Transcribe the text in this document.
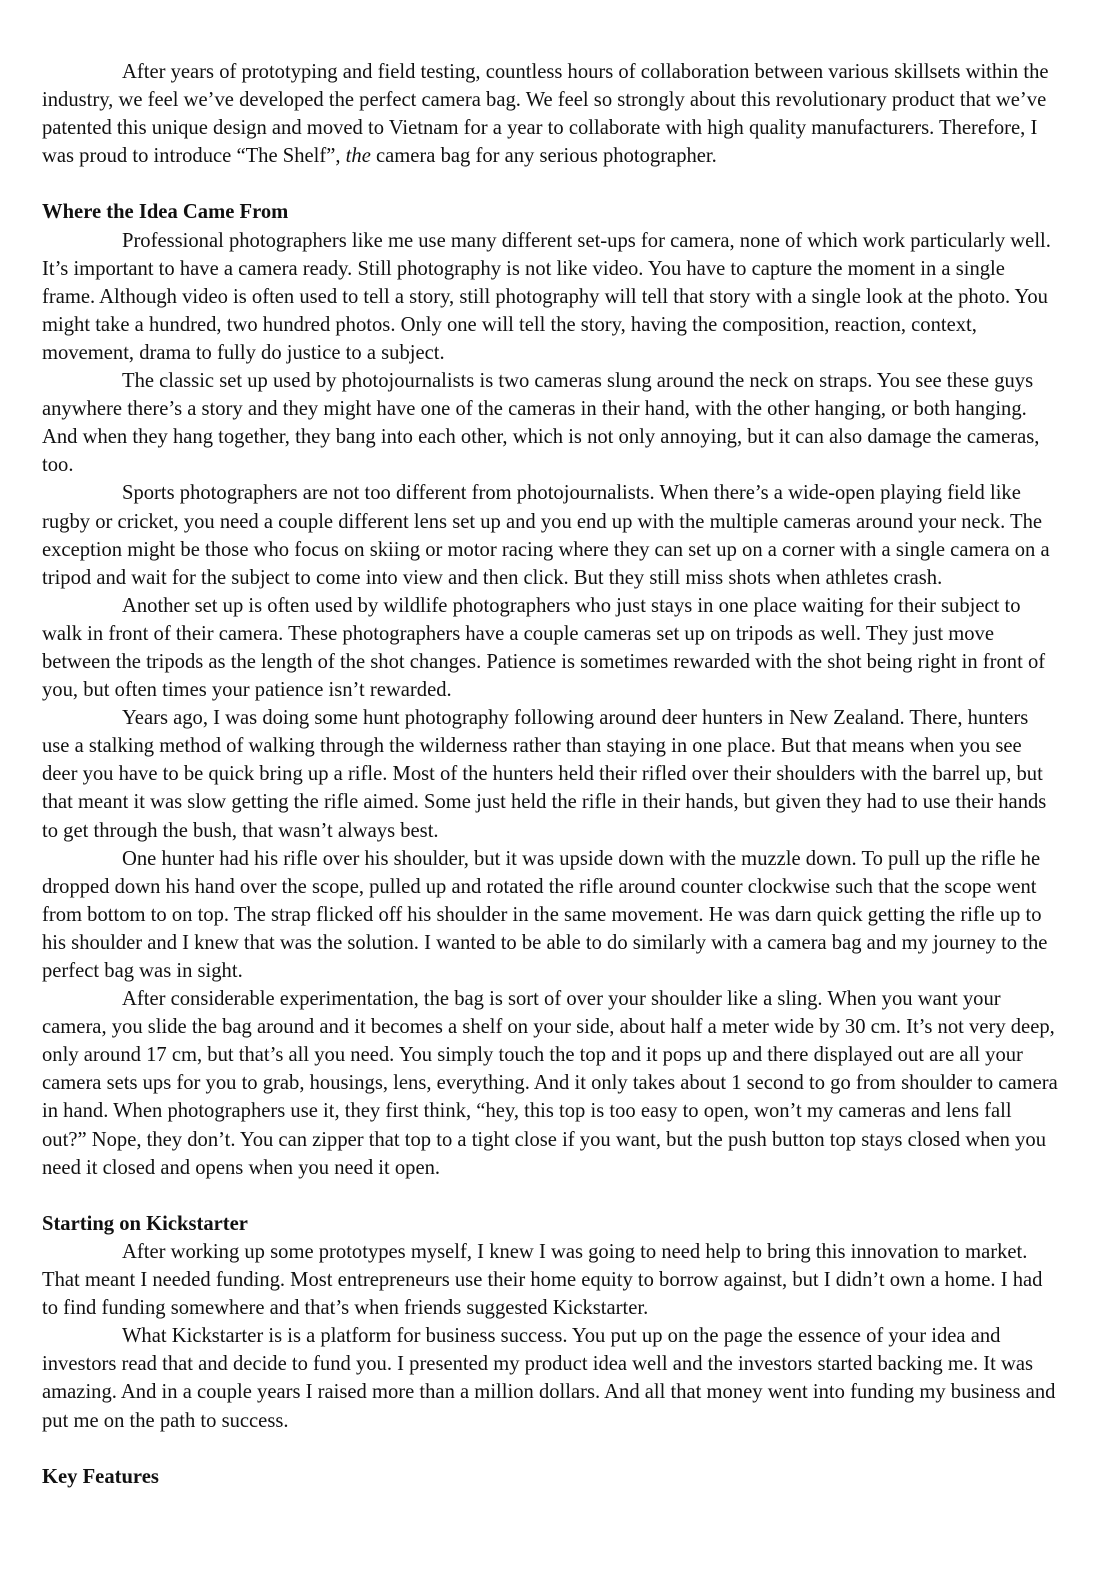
After years of prototyping and field testing, countless hours of collaboration between various skillsets within the industry, we feel we’ve developed the perfect camera bag. We feel so strongly about this revolutionary product that we’ve patented this unique design and moved to Vietnam for a year to collaborate with high quality manufacturers. Therefore, I was proud to introduce “The Shelf”, the camera bag for any serious photographer.

Where the Idea Came From

Professional photographers like me use many different set-ups for camera, none of which work particularly well. It’s important to have a camera ready. Still photography is not like video. You have to capture the moment in a single frame. Although video is often used to tell a story, still photography will tell that story with a single look at the photo. You might take a hundred, two hundred photos. Only one will tell the story, having the composition, reaction, context, movement, drama to fully do justice to a subject.

The classic set up used by photojournalists is two cameras slung around the neck on straps. You see these guys anywhere there’s a story and they might have one of the cameras in their hand, with the other hanging, or both hanging. And when they hang together, they bang into each other, which is not only annoying, but it can also damage the cameras, too.

Sports photographers are not too different from photojournalists. When there’s a wide-open playing field like rugby or cricket, you need a couple different lens set up and you end up with the multiple cameras around your neck. The exception might be those who focus on skiing or motor racing where they can set up on a corner with a single camera on a tripod and wait for the subject to come into view and then click. But they still miss shots when athletes crash.

Another set up is often used by wildlife photographers who just stays in one place waiting for their subject to walk in front of their camera. These photographers have a couple cameras set up on tripods as well. They just move between the tripods as the length of the shot changes. Patience is sometimes rewarded with the shot being right in front of you, but often times your patience isn’t rewarded.

Years ago, I was doing some hunt photography following around deer hunters in New Zealand. There, hunters use a stalking method of walking through the wilderness rather than staying in one place. But that means when you see deer you have to be quick bring up a rifle. Most of the hunters held their rifled over their shoulders with the barrel up, but that meant it was slow getting the rifle aimed. Some just held the rifle in their hands, but given they had to use their hands to get through the bush, that wasn’t always best.

One hunter had his rifle over his shoulder, but it was upside down with the muzzle down. To pull up the rifle he dropped down his hand over the scope, pulled up and rotated the rifle around counter clockwise such that the scope went from bottom to on top. The strap flicked off his shoulder in the same movement. He was darn quick getting the rifle up to his shoulder and I knew that was the solution. I wanted to be able to do similarly with a camera bag and my journey to the perfect bag was in sight.

After considerable experimentation, the bag is sort of over your shoulder like a sling. When you want your camera, you slide the bag around and it becomes a shelf on your side, about half a meter wide by 30 cm. It’s not very deep, only around 17 cm, but that’s all you need. You simply touch the top and it pops up and there displayed out are all your camera sets ups for you to grab, housings, lens, everything. And it only takes about 1 second to go from shoulder to camera in hand. When photographers use it, they first think, “hey, this top is too easy to open, won’t my cameras and lens fall out?” Nope, they don’t. You can zipper that top to a tight close if you want, but the push button top stays closed when you need it closed and opens when you need it open.

Starting on Kickstarter

After working up some prototypes myself, I knew I was going to need help to bring this innovation to market. That meant I needed funding. Most entrepreneurs use their home equity to borrow against, but I didn’t own a home. I had to find funding somewhere and that’s when friends suggested Kickstarter.

What Kickstarter is is a platform for business success. You put up on the page the essence of your idea and investors read that and decide to fund you. I presented my product idea well and the investors started backing me. It was amazing. And in a couple years I raised more than a million dollars. And all that money went into funding my business and put me on the path to success.

Key Features
